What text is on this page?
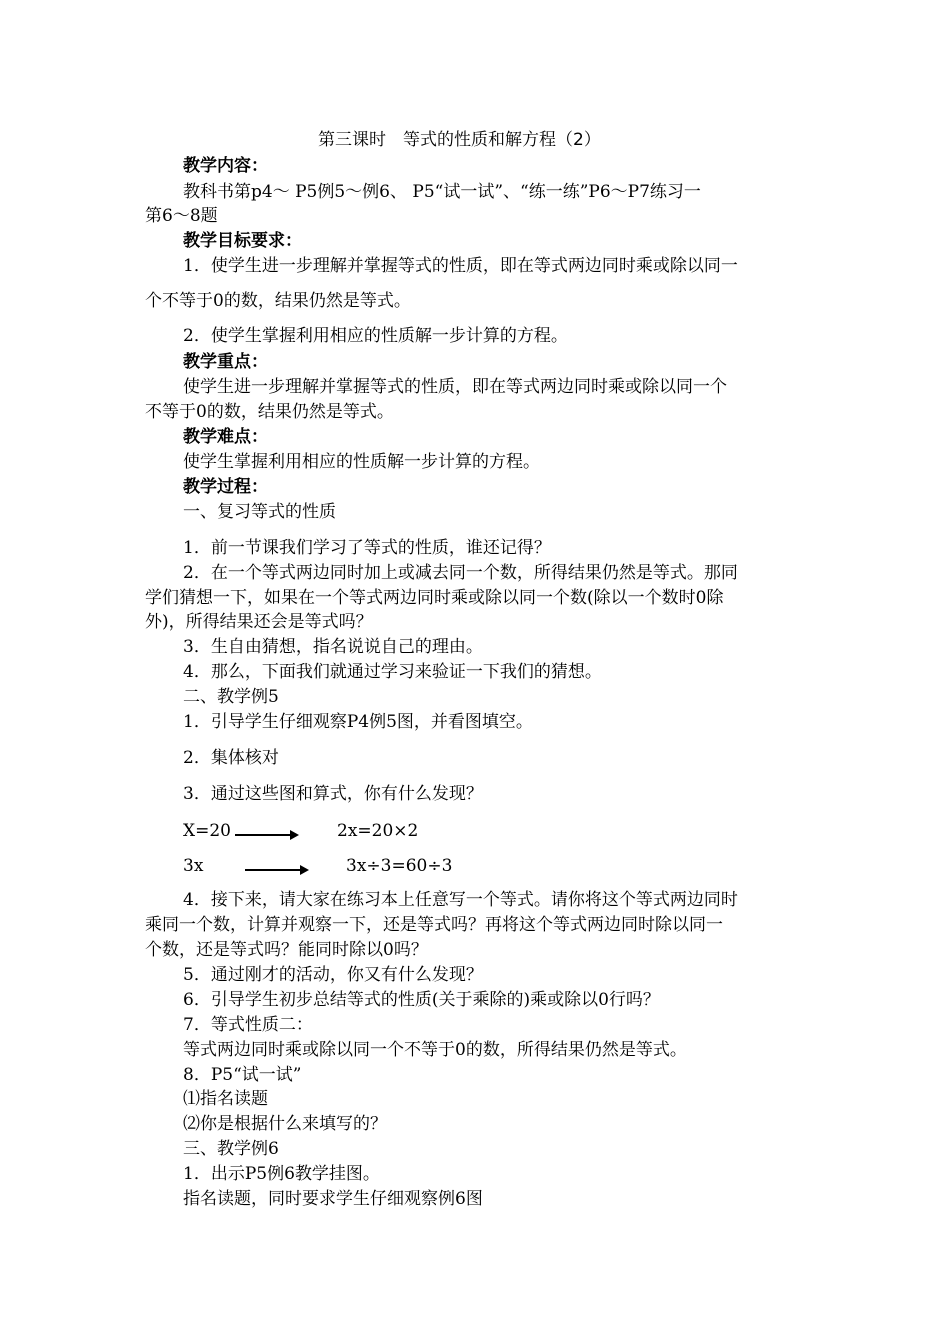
第三课时　等式的性质和解方程（2）
教学内容：
教科书第p4～ P5例5～例6、 P5“试一试”、“练一练”P6～P7练习一
第6～8题
教学目标要求：
1．使学生进一步理解并掌握等式的性质，即在等式两边同时乘或除以同一
个不等于0的数，结果仍然是等式。
2．使学生掌握利用相应的性质解一步计算的方程。
教学重点：
使学生进一步理解并掌握等式的性质，即在等式两边同时乘或除以同一个
不等于0的数，结果仍然是等式。
教学难点：
使学生掌握利用相应的性质解一步计算的方程。
教学过程：
一、复习等式的性质
1．前一节课我们学习了等式的性质，谁还记得？
2．在一个等式两边同时加上或减去同一个数，所得结果仍然是等式。那同
学们猜想一下，如果在一个等式两边同时乘或除以同一个数(除以一个数时0除
外)，所得结果还会是等式吗？
3．生自由猜想，指名说说自己的理由。
4．那么，下面我们就通过学习来验证一下我们的猜想。
二、教学例5
1．引导学生仔细观察P4例5图，并看图填空。
2．集体核对
3．通过这些图和算式，你有什么发现？
X=20	2x=20×2
3x	3x÷3=60÷3
4．接下来，请大家在练习本上任意写一个等式。请你将这个等式两边同时
乘同一个数，计算并观察一下，还是等式吗？再将这个等式两边同时除以同一
个数，还是等式吗？能同时除以0吗？
5．通过刚才的活动，你又有什么发现？
6．引导学生初步总结等式的性质(关于乘除的)乘或除以0行吗？
7．等式性质二：
等式两边同时乘或除以同一个不等于0的数，所得结果仍然是等式。
8．P5“试一试”
⑴指名读题
⑵你是根据什么来填写的？
三、教学例6
1．出示P5例6教学挂图。
指名读题，同时要求学生仔细观察例6图
